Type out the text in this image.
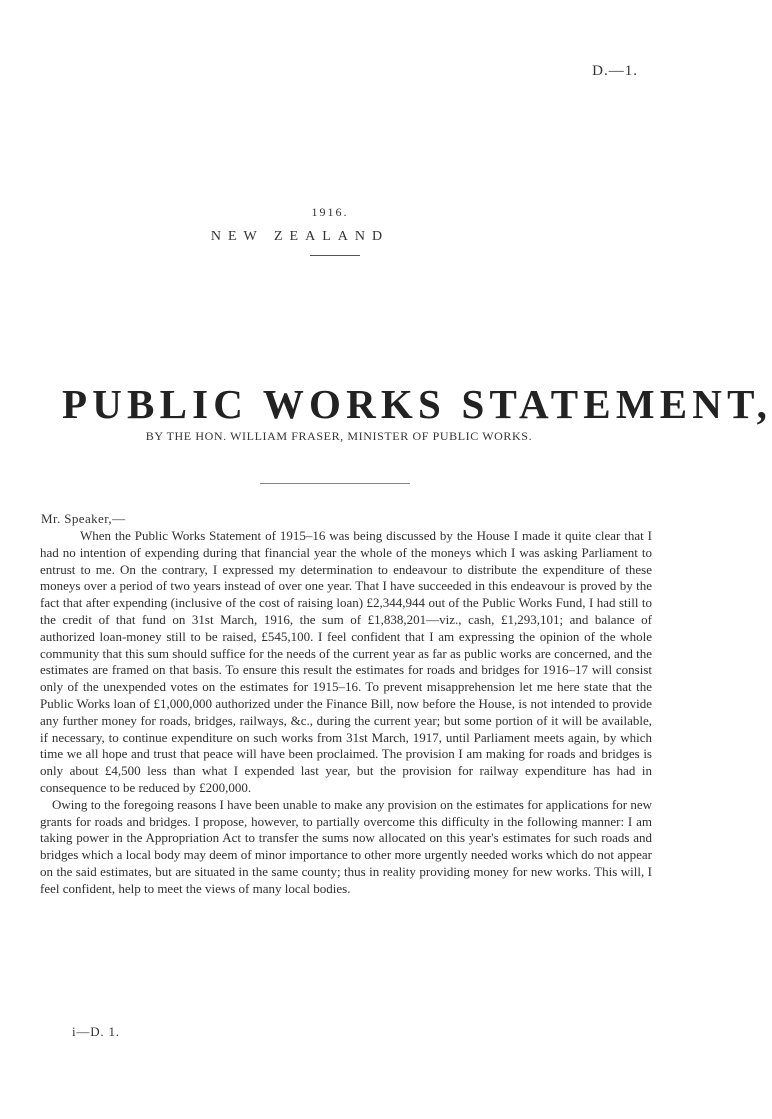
D.—1.
1916.
NEW ZEALAND
PUBLIC WORKS STATEMENT,
BY THE HON. WILLIAM FRASER, MINISTER OF PUBLIC WORKS.
Mr. Speaker,—

When the Public Works Statement of 1915–16 was being discussed by the House I made it quite clear that I had no intention of expending during that financial year the whole of the moneys which I was asking Parliament to entrust to me. On the contrary, I expressed my determination to endeavour to distribute the expenditure of these moneys over a period of two years instead of over one year. That I have succeeded in this endeavour is proved by the fact that after expending (inclusive of the cost of raising loan) £2,344,944 out of the Public Works Fund, I had still to the credit of that fund on 31st March, 1916, the sum of £1,838,201—viz., cash, £1,293,101; and balance of authorized loan-money still to be raised, £545,100. I feel confident that I am expressing the opinion of the whole community that this sum should suffice for the needs of the current year as far as public works are concerned, and the estimates are framed on that basis. To ensure this result the estimates for roads and bridges for 1916–17 will consist only of the unexpended votes on the estimates for 1915–16. To prevent misapprehension let me here state that the Public Works loan of £1,000,000 authorized under the Finance Bill, now before the House, is not intended to provide any further money for roads, bridges, railways, &c., during the current year; but some portion of it will be available, if necessary, to continue expenditure on such works from 31st March, 1917, until Parliament meets again, by which time we all hope and trust that peace will have been proclaimed. The provision I am making for roads and bridges is only about £4,500 less than what I expended last year, but the provision for railway expenditure has had in consequence to be reduced by £200,000.

Owing to the foregoing reasons I have been unable to make any provision on the estimates for applications for new grants for roads and bridges. I propose, however, to partially overcome this difficulty in the following manner: I am taking power in the Appropriation Act to transfer the sums now allocated on this year's estimates for such roads and bridges which a local body may deem of minor importance to other more urgently needed works which do not appear on the said estimates, but are situated in the same county; thus in reality providing money for new works. This will, I feel confident, help to meet the views of many local bodies.

i—D. 1.
